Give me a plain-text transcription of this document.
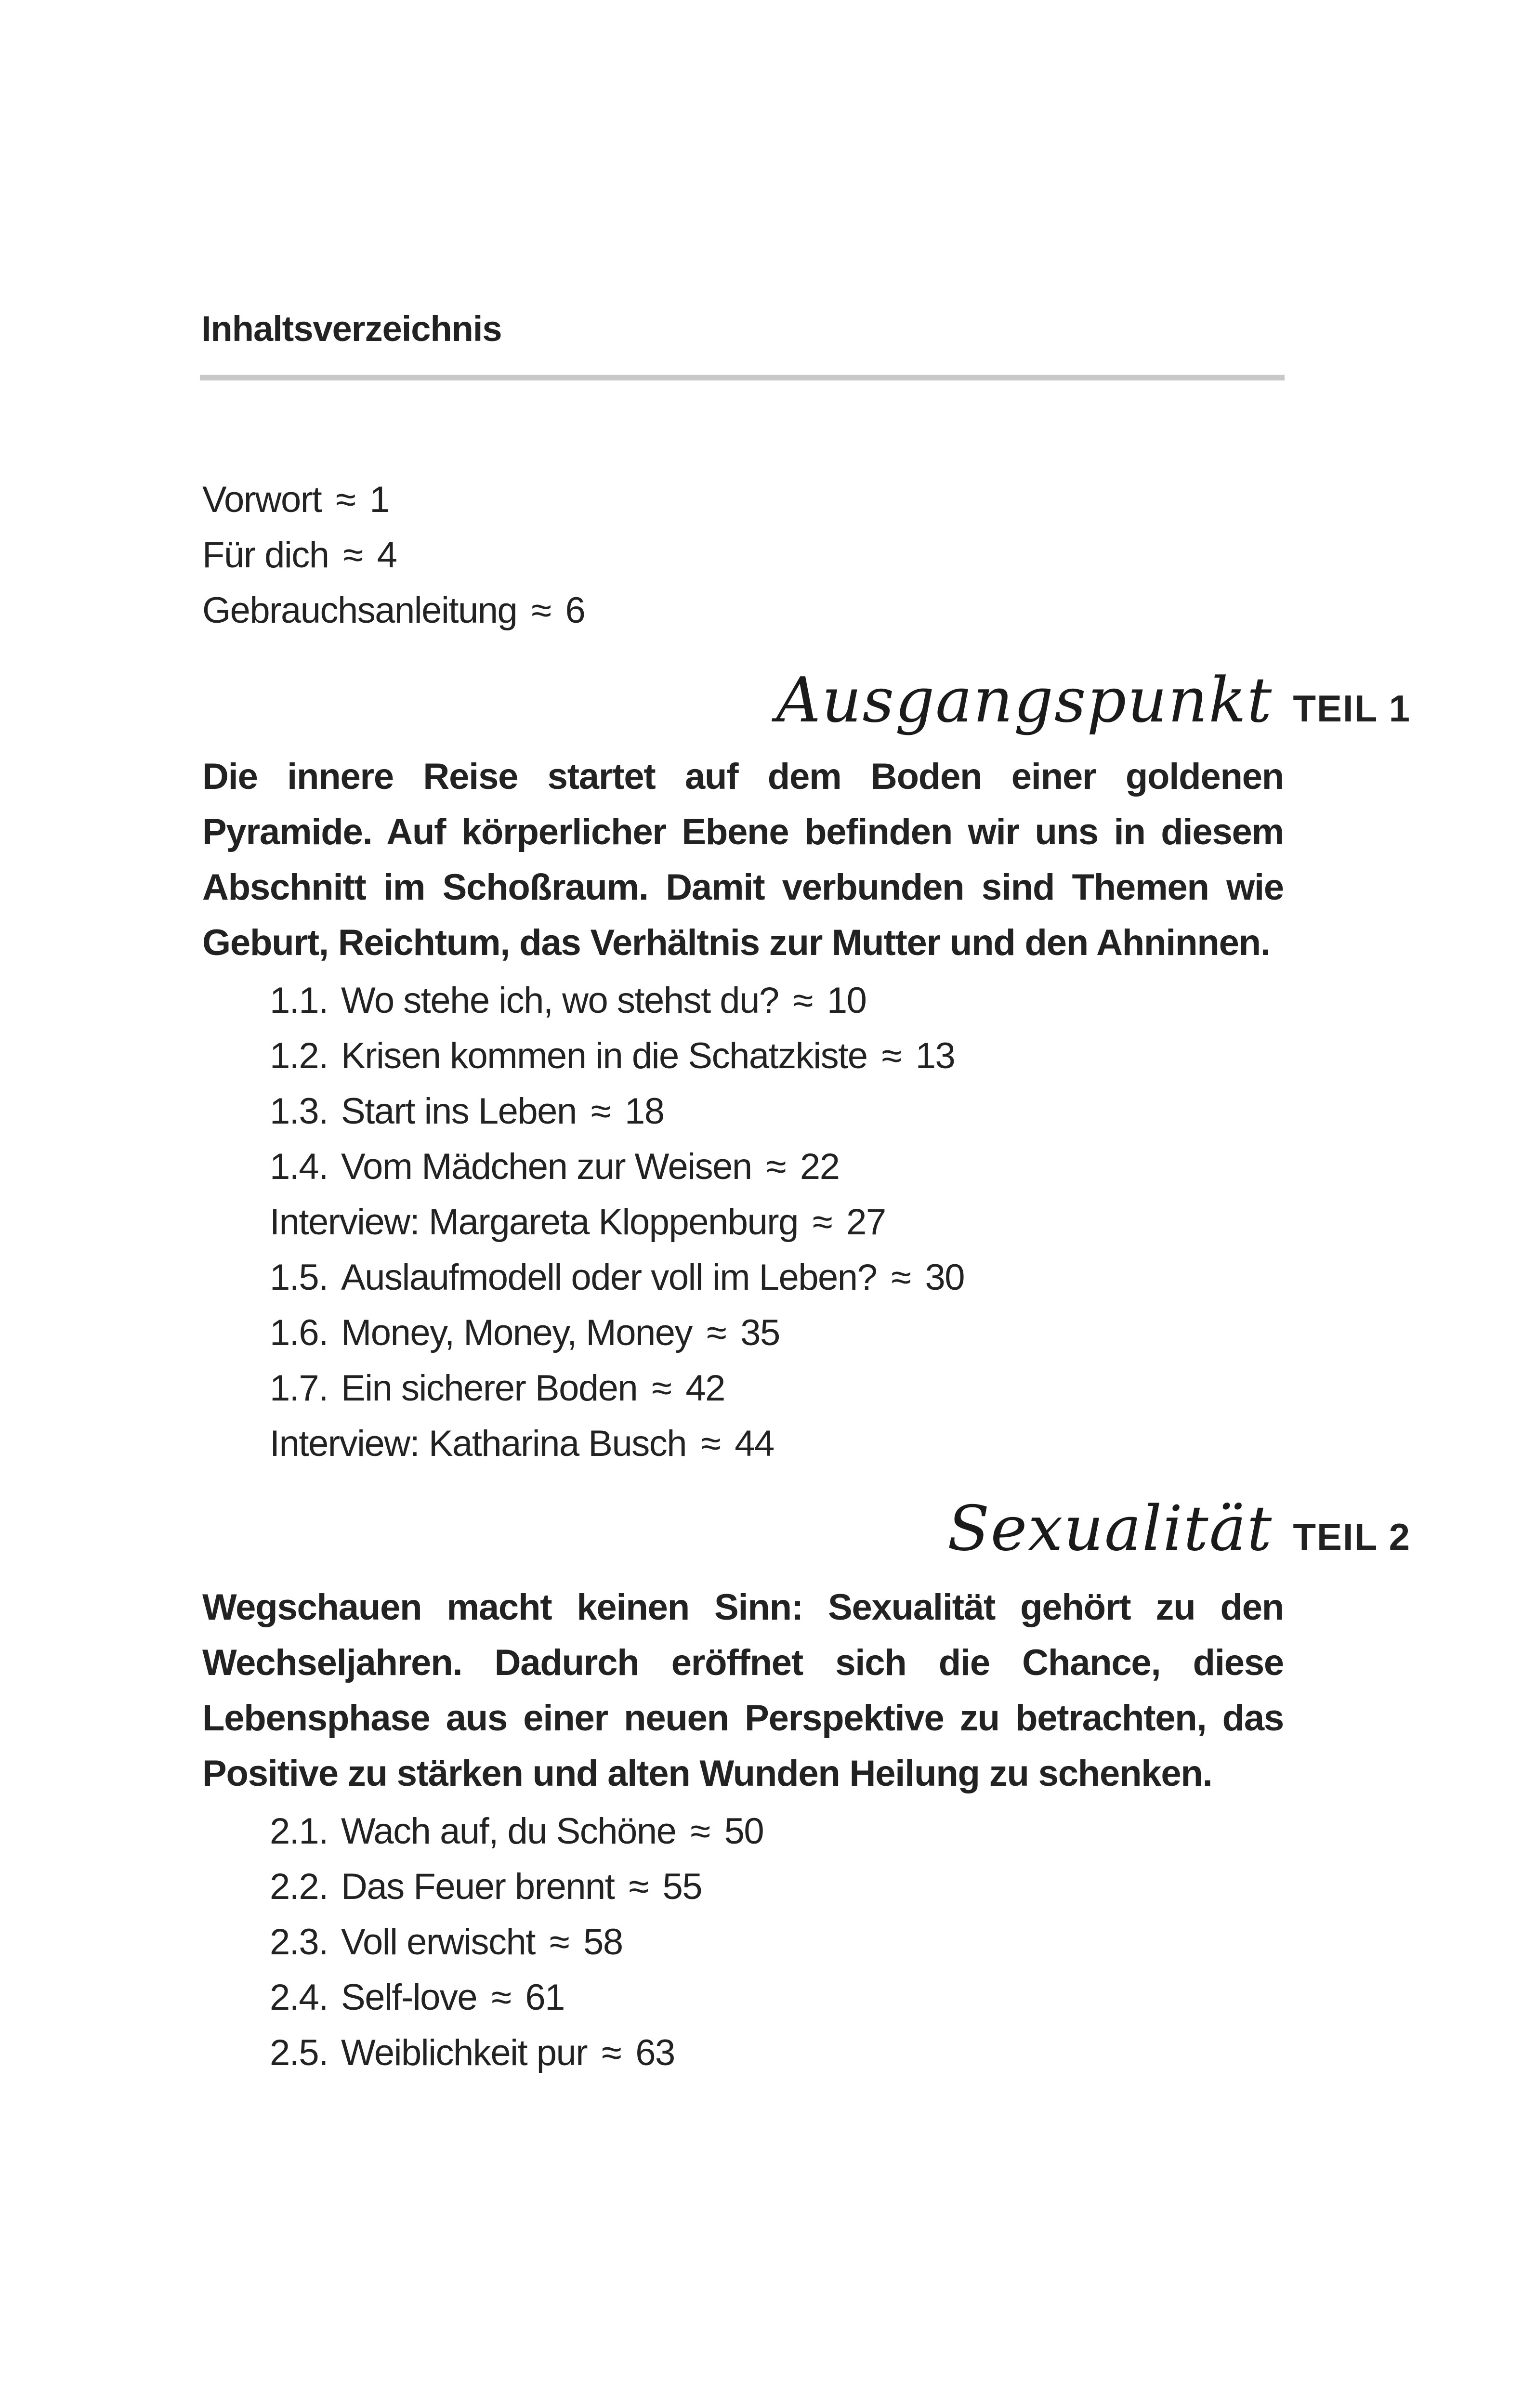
Inhaltsverzeichnis
Vorwort ≈ 1
Für dich ≈ 4
Gebrauchsanleitung ≈ 6
Ausgangspunkt TEIL 1
Die innere Reise startet auf dem Boden einer goldenen Pyramide. Auf körperlicher Ebene befinden wir uns in diesem Abschnitt im Schoßraum. Damit verbunden sind Themen wie Geburt, Reichtum, das Verhältnis zur Mutter und den Ahninnen.
1.1. Wo stehe ich, wo stehst du? ≈ 10
1.2. Krisen kommen in die Schatzkiste ≈ 13
1.3. Start ins Leben ≈ 18
1.4. Vom Mädchen zur Weisen ≈ 22
Interview: Margareta Kloppenburg ≈ 27
1.5. Auslaufmodell oder voll im Leben? ≈ 30
1.6. Money, Money, Money ≈ 35
1.7. Ein sicherer Boden ≈ 42
Interview: Katharina Busch ≈ 44
Sexualität TEIL 2
Wegschauen macht keinen Sinn: Sexualität gehört zu den Wechseljahren. Dadurch eröffnet sich die Chance, diese Lebensphase aus einer neuen Perspektive zu betrachten, das Positive zu stärken und alten Wunden Heilung zu schenken.
2.1. Wach auf, du Schöne ≈ 50
2.2. Das Feuer brennt ≈ 55
2.3. Voll erwischt ≈ 58
2.4. Self-love ≈ 61
2.5. Weiblichkeit pur ≈ 63
